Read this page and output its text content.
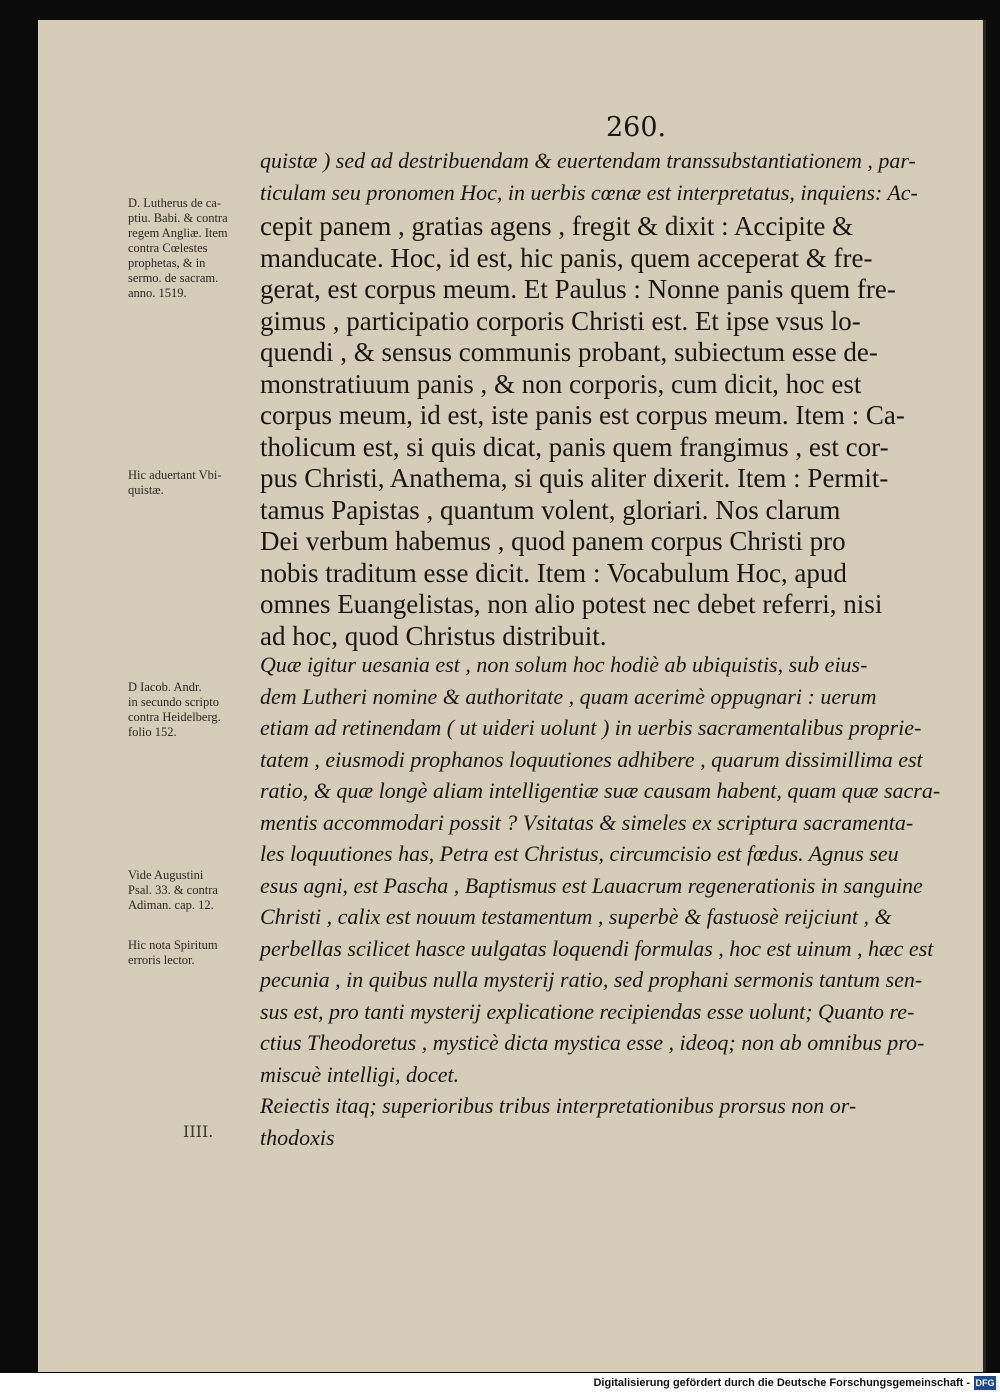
260.
quistæ ) sed ad destribuendam & euertendam transsubstantiationem , par-
ticulam seu pronomen Hoc, in uerbis cœnæ est interpretatus, inquiens: Ac-
cepit panem , gratias agens , fregit & dixit : Accipite &
manducate. Hoc, id est, hic panis, quem acceperat & fre-
gerat, est corpus meum. Et Paulus : Nonne panis quem fre-
gimus , participatio corporis Christi est. Et ipse vsus lo-
quendi , & sensus communis probant, subiectum esse de-
monstratiuum panis , & non corporis, cum dicit, hoc est
corpus meum, id est, iste panis est corpus meum. Item : Ca-
tholicum est, si quis dicat, panis quem frangimus , est cor-
pus Christi, Anathema, si quis aliter dixerit. Item : Permit-
tamus Papistas , quantum volent, gloriari. Nos clarum
Dei verbum habemus , quod panem corpus Christi pro
nobis traditum esse dicit. Item : Vocabulum Hoc, apud
omnes Euangelistas, non alio potest nec debet referri, nisi
ad hoc, quod Christus distribuit.
Quæ igitur uesania est , non solum hoc hodiè ab ubiquistis, sub eius-
dem Lutheri nomine & authoritate , quam acerimè oppugnari : uerum
etiam ad retinendam ( ut uideri uolunt ) in uerbis sacramentalibus proprie-
tatem , eiusmodi prophanos loquutiones adhibere , quarum dissimillima est
ratio, & quæ longè aliam intelligentiæ suæ causam habent, quam quæ sacra-
mentis accommodari possit ? Vsitatas & simeles ex scriptura sacramenta-
les loquutiones has, Petra est Christus, circumcisio est fœdus. Agnus seu
esus agni, est Pascha , Baptismus est Lauacrum regenerationis in sanguine
Christi , calix est nouum testamentum , superbè & fastuosè reijciunt , &
perbellas scilicet hasce uulgatas loquendi formulas , hoc est uinum , hæc est
pecunia , in quibus nulla mysterij ratio, sed prophani sermonis tantum sen-
sus est, pro tanti mysterij explicatione recipiendas esse uolunt; Quanto re-
ctius Theodoretus , mysticè dicta mystica esse , ideoq; non ab omnibus pro-
miscuè intelligi, docet.
Reiectis itaq; superioribus tribus interpretationibus prorsus non or-
thodoxis
D. Lutherus de ca-
ptiu. Babi. & contra
regem Angliæ. Item
contra Cœlestes
prophetas, & in
sermo. de sacram.
anno. 1519.
Hic aduertant Vbi-
quistæ.
D Iacob. Andr.
in secundo scripto
contra Heidelberg.
folio 152.
Vide Augustini
Psal. 33. & contra
Adiman. cap. 12.
Hic nota Spiritum
erroris lector.
IIII.
Digitalisierung gefördert durch die Deutsche Forschungsgemeinschaft - DFG
